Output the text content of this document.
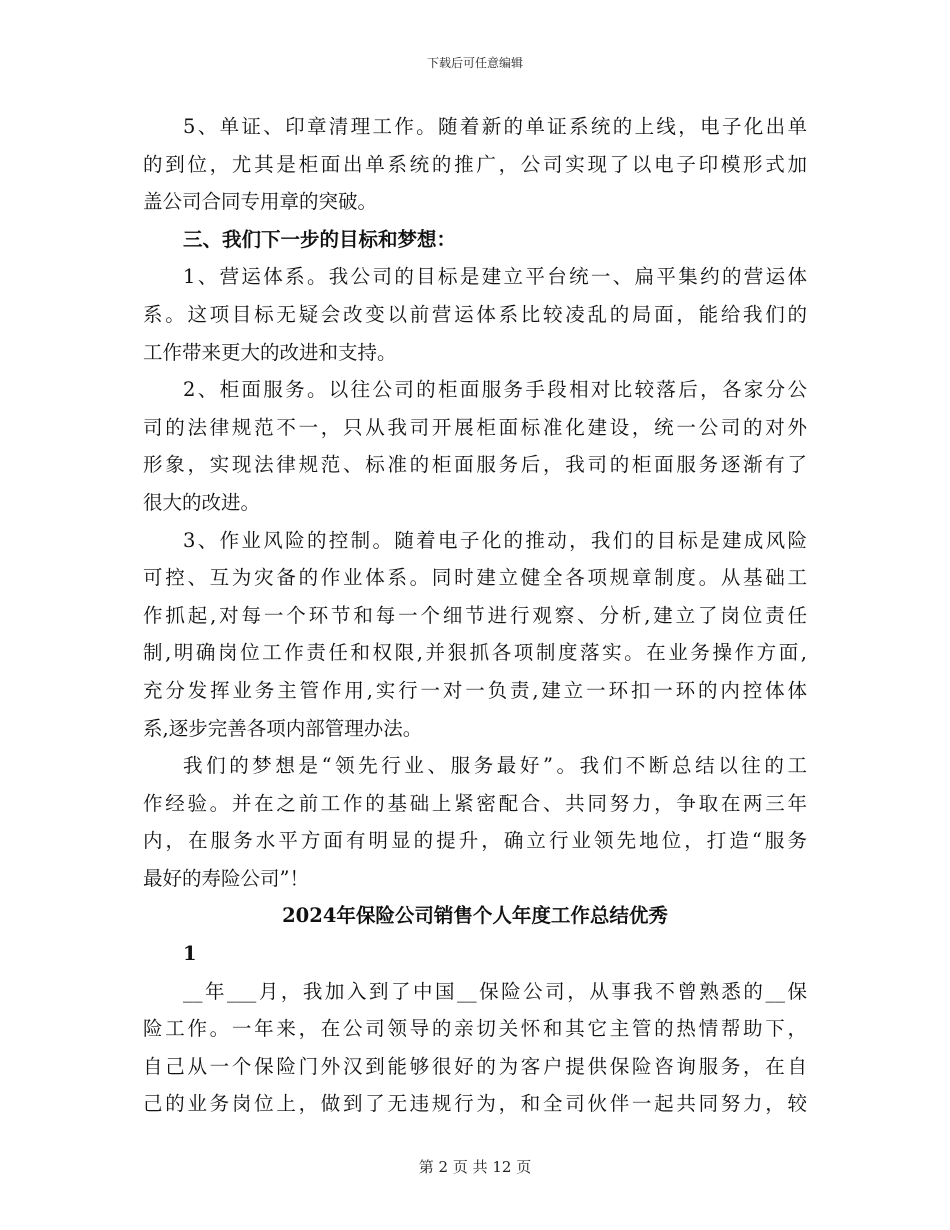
下载后可任意编辑
5、单证、印章清理工作。随着新的单证系统的上线，电子化出单
的到位，尤其是柜面出单系统的推广，公司实现了以电子印模形式加
盖公司合同专用章的突破。
三、我们下一步的目标和梦想：
1、营运体系。我公司的目标是建立平台统一、扁平集约的营运体
系。这项目标无疑会改变以前营运体系比较凌乱的局面，能给我们的
工作带来更大的改进和支持。
2、柜面服务。以往公司的柜面服务手段相对比较落后，各家分公
司的法律规范不一，只从我司开展柜面标准化建设，统一公司的对外
形象，实现法律规范、标准的柜面服务后，我司的柜面服务逐渐有了
很大的改进。
3、作业风险的控制。随着电子化的推动，我们的目标是建成风险
可控、互为灾备的作业体系。同时建立健全各项规章制度。从基础工
作抓起,对每一个环节和每一个细节进行观察、分析,建立了岗位责任
制,明确岗位工作责任和权限,并狠抓各项制度落实。在业务操作方面,
充分发挥业务主管作用,实行一对一负责,建立一环扣一环的内控体体
系,逐步完善各项内部管理办法。
我们的梦想是“领先行业、服务最好”。我们不断总结以往的工
作经验。并在之前工作的基础上紧密配合、共同努力，争取在两三年
内，在服务水平方面有明显的提升，确立行业领先地位，打造“服务
最好的寿险公司”！
2024年保险公司销售个人年度工作总结优秀
1
__年___月，我加入到了中国__保险公司，从事我不曾熟悉的__保
险工作。一年来，在公司领导的亲切关怀和其它主管的热情帮助下，
自己从一个保险门外汉到能够很好的为客户提供保险咨询服务，在自
己的业务岗位上，做到了无违规行为，和全司伙伴一起共同努力，较
第 2 页 共 12 页
